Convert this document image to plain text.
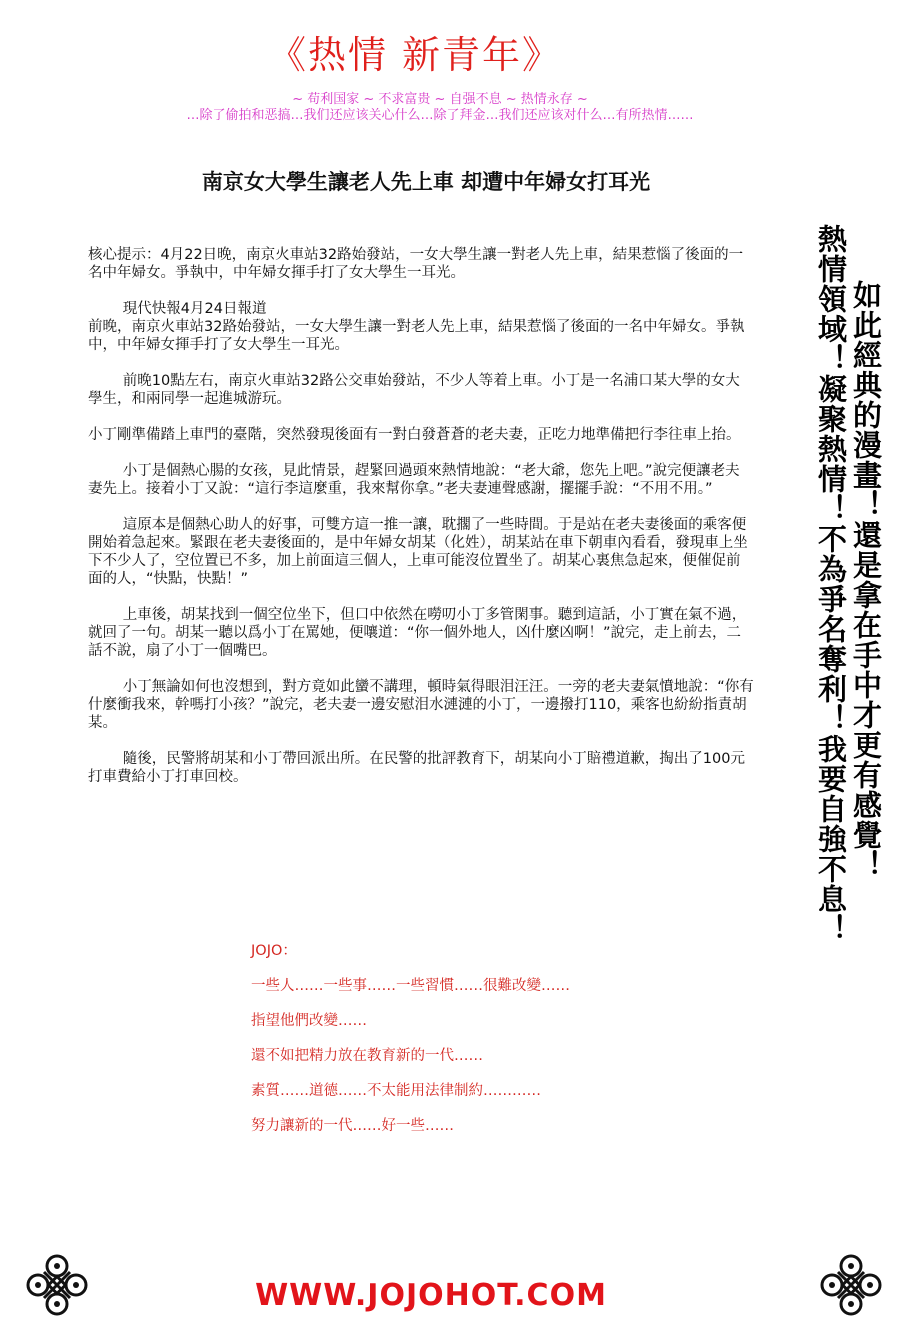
《热情 新青年》
~ 苟利国家 ~ 不求富贵 ~ 自强不息 ~ 热情永存 ~
…除了偷拍和恶搞…我们还应该关心什么…除了拜金…我们还应该对什么…有所热情……
南京女大學生讓老人先上車 却遭中年婦女打耳光

核心提示：4月22日晚，南京火車站32路始發站，一女大學生讓一對老人先上車，結果惹惱了後面的一名中年婦女。爭執中，中年婦女揮手打了女大學生一耳光。

現代快報4月24日報道

前晚，南京火車站32路始發站，一女大學生讓一對老人先上車，結果惹惱了後面的一名中年婦女。爭執中，中年婦女揮手打了女大學生一耳光。

前晚10點左右，南京火車站32路公交車始發站，不少人等着上車。小丁是一名浦口某大學的女大學生，和兩同學一起進城游玩。

小丁剛準備踏上車門的臺階，突然發現後面有一對白發蒼蒼的老夫妻，正吃力地準備把行李往車上抬。

小丁是個熱心腸的女孩，見此情景，趕緊回過頭來熱情地說：“老大爺，您先上吧。”說完便讓老夫妻先上。接着小丁又說：“這行李這麼重，我來幫你拿。”老夫妻連聲感謝，擺擺手說：“不用不用。”

這原本是個熱心助人的好事，可雙方這一推一讓，耽擱了一些時間。于是站在老夫妻後面的乘客便開始着急起來。緊跟在老夫妻後面的，是中年婦女胡某（化姓），胡某站在車下朝車內看看，發現車上坐下不少人了，空位置已不多，加上前面這三個人，上車可能沒位置坐了。胡某心裏焦急起來，便催促前面的人，“快點，快點！”

上車後，胡某找到一個空位坐下，但口中依然在嘮叨小丁多管閑事。聽到這話，小丁實在氣不過，就回了一句。胡某一聽以爲小丁在罵她，便嚷道：“你一個外地人，凶什麼凶啊！”說完，走上前去，二話不說，扇了小丁一個嘴巴。

小丁無論如何也沒想到，對方竟如此蠻不講理，頓時氣得眼泪汪汪。一旁的老夫妻氣憤地說：“你有什麼衝我來，幹嗎打小孩？”說完，老夫妻一邊安慰泪水漣漣的小丁，一邊撥打110，乘客也紛紛指責胡某。

隨後，民警將胡某和小丁帶回派出所。在民警的批評教育下，胡某向小丁賠禮道歉，掏出了100元打車費給小丁打車回校。	熱情領域！凝聚熱情！不為爭名奪利！我要自強不息！ 如此經典的漫畫！還是拿在手中才更有感覺！
JOJO：
一些人……一些事……一些習慣……很難改變……
指望他們改變……
還不如把精力放在教育新的一代……
素質……道德……不太能用法律制約…………
努力讓新的一代……好一些……
WWW.JOJOHOT.COM
